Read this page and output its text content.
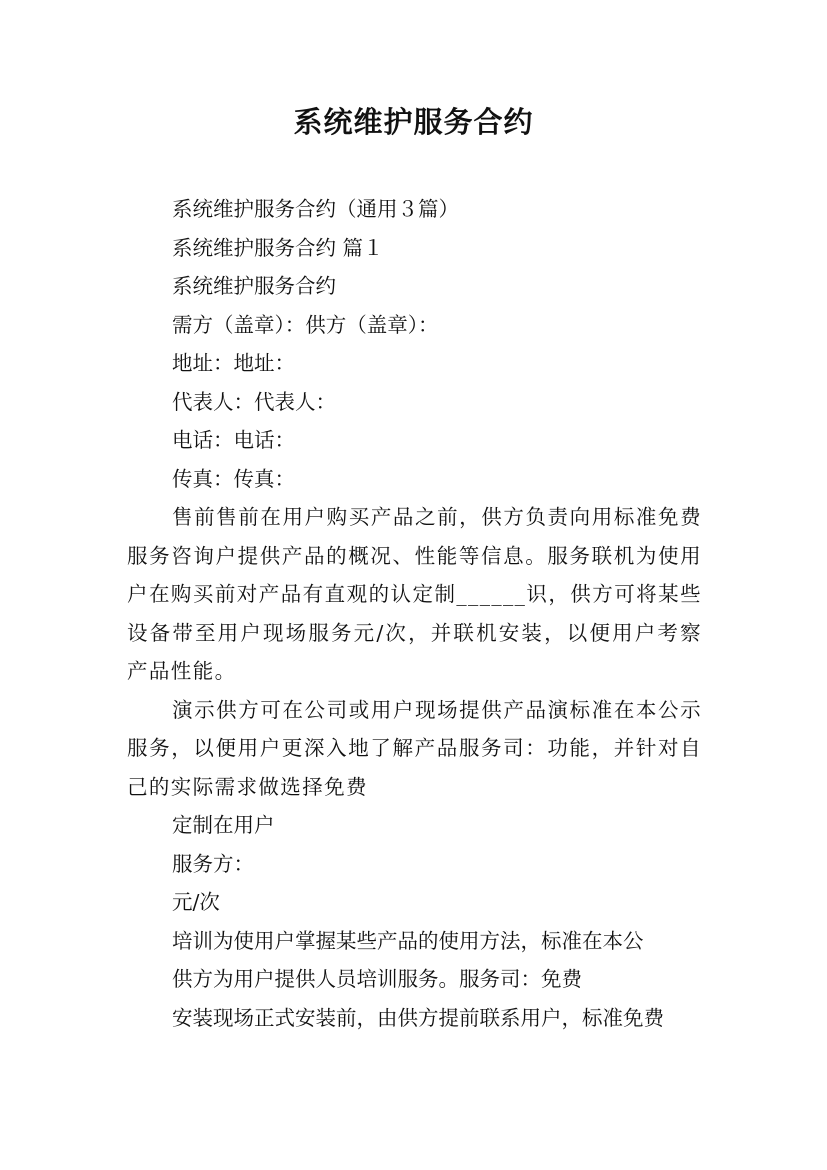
系统维护服务合约

系统维护服务合约（通用３篇）

系统维护服务合约 篇１

系统维护服务合约

需方（盖章）：供方（盖章）：

地址：地址：

代表人：代表人：

电话：电话：

传真：传真：

售前售前在用户购买产品之前，供方负责向用标准免费服务咨询户提供产品的概况、性能等信息。服务联机为使用户在购买前对产品有直观的认定制______识，供方可将某些设备带至用户现场服务元/次，并联机安装，以便用户考察产品性能。

演示供方可在公司或用户现场提供产品演标准在本公示服务，以便用户更深入地了解产品服务司：功能，并针对自己的实际需求做选择免费

定制在用户

服务方：

元/次

培训为使用户掌握某些产品的使用方法，标准在本公

供方为用户提供人员培训服务。服务司：免费

安装现场正式安装前，由供方提前联系用户，标准免费
